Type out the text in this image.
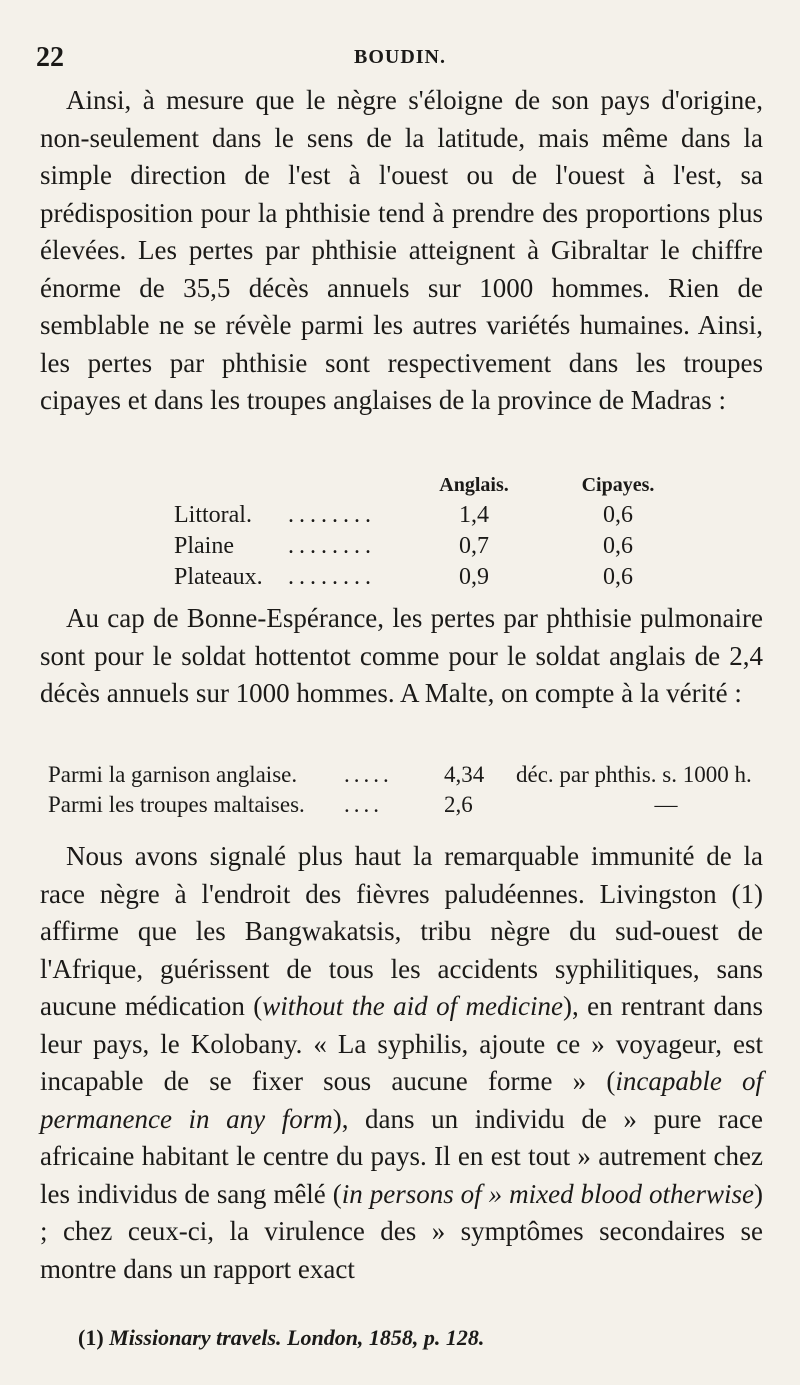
22	BOUDIN.
Ainsi, à mesure que le nègre s'éloigne de son pays d'origine, non-seulement dans le sens de la latitude, mais même dans la simple direction de l'est à l'ouest ou de l'ouest à l'est, sa prédisposition pour la phthisie tend à prendre des proportions plus élevées. Les pertes par phthisie atteignent à Gibraltar le chiffre énorme de 35,5 décès annuels sur 1000 hommes. Rien de semblable ne se révèle parmi les autres variétés humaines. Ainsi, les pertes par phthisie sont respectivement dans les troupes cipayes et dans les troupes anglaises de la province de Madras :
Anglais.	Cipayes.
Littoral. ........	1,4	0,6
Plaine ........	0,7	0,6
Plateaux. ........	0,9	0,6
Au cap de Bonne-Espérance, les pertes par phthisie pulmonaire sont pour le soldat hottentot comme pour le soldat anglais de 2,4 décès annuels sur 1000 hommes. A Malte, on compte à la vérité :
Parmi la garnison anglaise. ..... 4,34 déc. par phthis. s. 1000 h.
Parmi les troupes maltaises. ....	2,6	—
Nous avons signalé plus haut la remarquable immunité de la race nègre à l'endroit des fièvres paludéennes. Livingston (1) affirme que les Bangwakatsis, tribu nègre du sud-ouest de l'Afrique, guérissent de tous les accidents syphilitiques, sans aucune médication (without the aid of medicine), en rentrant dans leur pays, le Kolobany. « La syphilis, ajoute ce » voyageur, est incapable de se fixer sous aucune forme » (incapable of permanence in any form), dans un individu de » pure race africaine habitant le centre du pays. Il en est tout » autrement chez les individus de sang mêlé (in persons of » mixed blood otherwise) ; chez ceux-ci, la virulence des » symptômes secondaires se montre dans un rapport exact
(1) Missionary travels. London, 1858, p. 128.
